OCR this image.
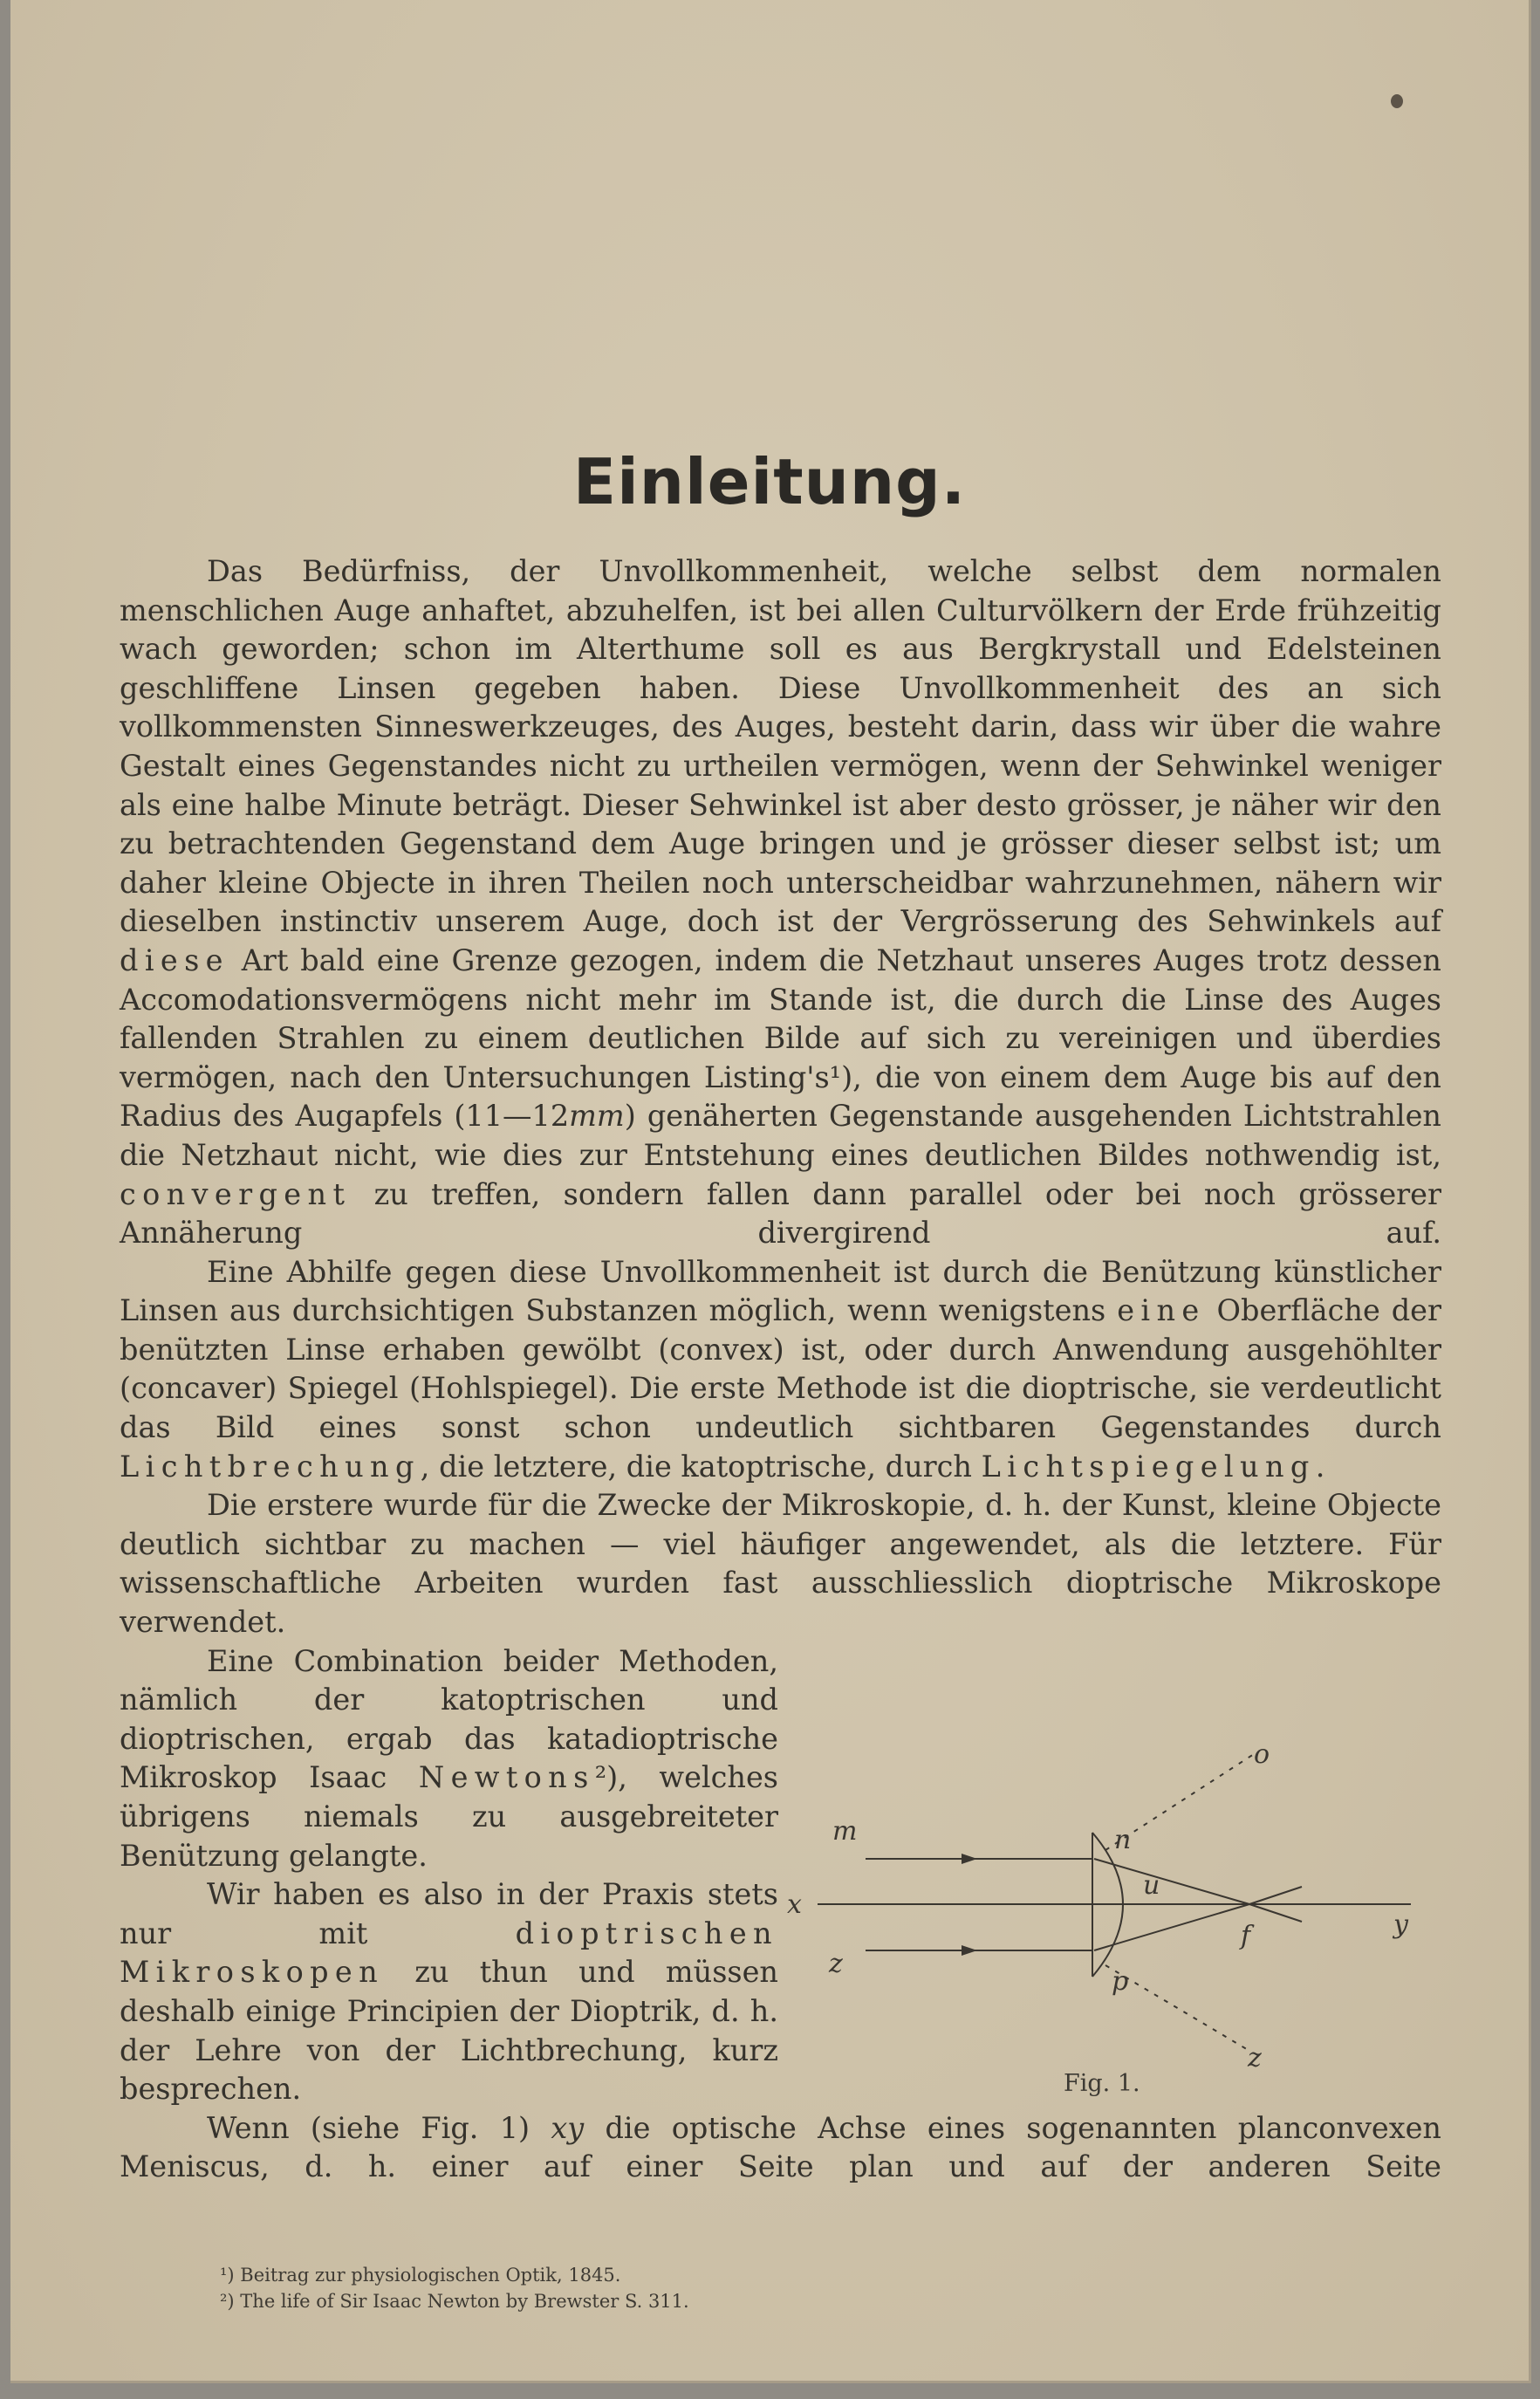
Einleitung.

Das Bedürfniss, der Unvollkommenheit, welche selbst dem normalen menschlichen Auge anhaftet, abzuhelfen, ist bei allen Culturvölkern der Erde frühzeitig wach geworden; schon im Alterthume soll es aus Bergkrystall und Edelsteinen geschliffene Linsen gegeben haben. Diese Unvollkommenheit des an sich vollkommensten Sinneswerkzeuges, des Auges, besteht darin, dass wir über die wahre Gestalt eines Gegenstandes nicht zu urtheilen vermögen, wenn der Sehwinkel weniger als eine halbe Minute beträgt. Dieser Sehwinkel ist aber desto grösser, je näher wir den zu betrachtenden Gegenstand dem Auge bringen und je grösser dieser selbst ist; um daher kleine Objecte in ihren Theilen noch unterscheidbar wahrzunehmen, nähern wir dieselben instinctiv unserem Auge, doch ist der Vergrösserung des Sehwinkels auf diese Art bald eine Grenze gezogen, indem die Netzhaut unseres Auges trotz dessen Accomodationsvermögens nicht mehr im Stande ist, die durch die Linse des Auges fallenden Strahlen zu einem deutlichen Bilde auf sich zu vereinigen und überdies vermögen, nach den Untersuchungen Listing's¹), die von einem dem Auge bis auf den Radius des Augapfels (11—12mm) genäherten Gegenstande ausgehenden Lichtstrahlen die Netzhaut nicht, wie dies zur Entstehung eines deutlichen Bildes nothwendig ist, convergent zu treffen, sondern fallen dann parallel oder bei noch grösserer Annäherung divergirend auf.

Eine Abhilfe gegen diese Unvollkommenheit ist durch die Benützung künstlicher Linsen aus durchsichtigen Substanzen möglich, wenn wenigstens eine Oberfläche der benützten Linse erhaben gewölbt (convex) ist, oder durch Anwendung ausgehöhlter (concaver) Spiegel (Hohlspiegel). Die erste Methode ist die dioptrische, sie verdeutlicht das Bild eines sonst schon undeutlich sichtbaren Gegenstandes durch Lichtbrechung, die letztere, die katoptrische, durch Lichtspiegelung.

Die erstere wurde für die Zwecke der Mikroskopie, d. h. der Kunst, kleine Objecte deutlich sichtbar zu machen — viel häufiger angewendet, als die letztere. Für wissenschaftliche Arbeiten wurden fast ausschliesslich dioptrische Mikroskope verwendet.

Eine Combination beider Methoden, nämlich der katoptrischen und dioptrischen, ergab das katadioptrische Mikroskop Isaac Newtons²), welches übrigens niemals zu ausgebreiteter Benützung gelangte.

Wir haben es also in der Praxis stets nur mit	dioptrischen Mikroskopen zu thun und müssen deshalb einige Principien der Dioptrik, d. h. der Lehre von der Lichtbrechung, kurz besprechen.

Wenn (siehe Fig. 1) xy die optische Achse eines sogenannten planconvexen Meniscus, d. h. einer auf einer Seite plan und auf der anderen Seite

m
x
z
n
o
u
f	y
p
z
Fig. 1.
¹) Beitrag zur physiologischen Optik, 1845.
²) The life of Sir Isaac Newton by Brewster S. 311.
